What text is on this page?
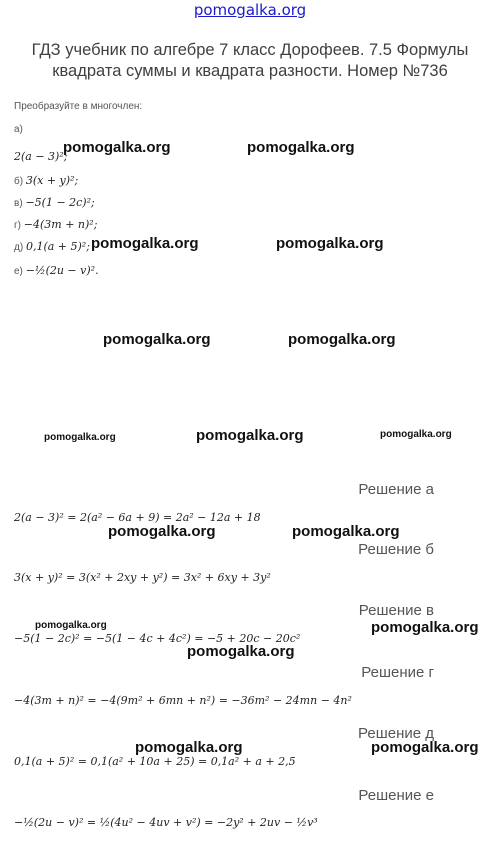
pomogalka.org
ГДЗ учебник по алгебре 7 класс Дорофеев. 7.5 Формулы квадрата суммы и квадрата разности. Номер №736
Преобразуйте в многочлен:
а)
2(a − 3)²;
б) 3(x + y)²;
в) −5(1 − 2c)²;
г) −4(3m + n)²;
д) 0,1(a + 5)²;
е) −½(2u − v)².
Решение а
2(a − 3)² = 2(a² − 6a + 9) = 2a² − 12a + 18
Решение б
3(x + y)² = 3(x² + 2xy + y²) = 3x² + 6xy + 3y²
Решение в
−5(1 − 2c)² = −5(1 − 4c + 4c²) = −5 + 20c − 20c²
Решение г
−4(3m + n)² = −4(9m² + 6mn + n²) = −36m² − 24mn − 4n²
Решение д
0,1(a + 5)² = 0,1(a² + 10a + 25) = 0,1a² + a + 2,5
Решение е
−½(2u − v)² = ½(4u² − 4uv + v²) = −2y² + 2uv − ½v³
pomogalka.org	pomogalka.org
pomogalka.org	pomogalka.org
pomogalka.org	pomogalka.org
pomogalka.org	pomogalka.org	pomogalka.org
pomogalka.org	pomogalka.org
pomogalka.org	pomogalka.org
pomogalka.org
pomogalka.org	pomogalka.org
